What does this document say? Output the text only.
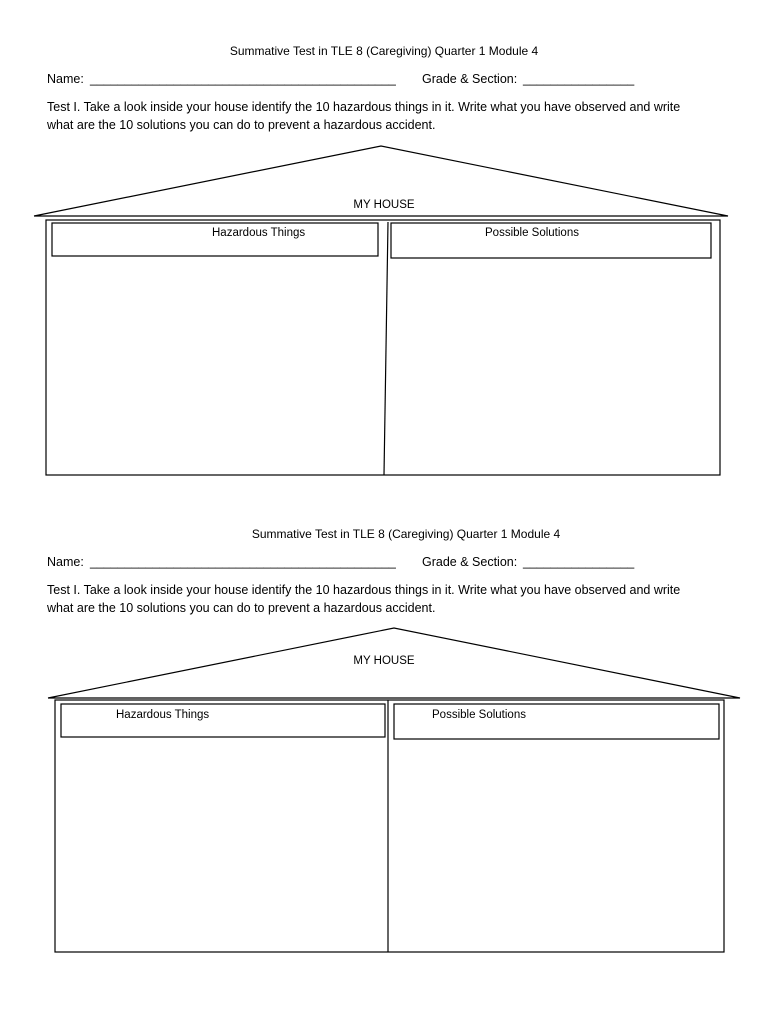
Summative Test in TLE 8 (Caregiving) Quarter 1 Module 4

Name: ____________________________________________ Grade & Section: ________________

Test I. Take a look inside your house identify the 10 hazardous things in it. Write what you have observed and write

what are the 10 solutions you can do to prevent a hazardous accident.

MY HOUSE

Hazardous Things	Possible Solutions

Summative Test in TLE 8 (Caregiving) Quarter 1 Module 4

Name: ____________________________________________ Grade & Section: ________________

Test I. Take a look inside your house identify the 10 hazardous things in it. Write what you have observed and write

what are the 10 solutions you can do to prevent a hazardous accident.

MY HOUSE

Hazardous Things	Possible Solutions
